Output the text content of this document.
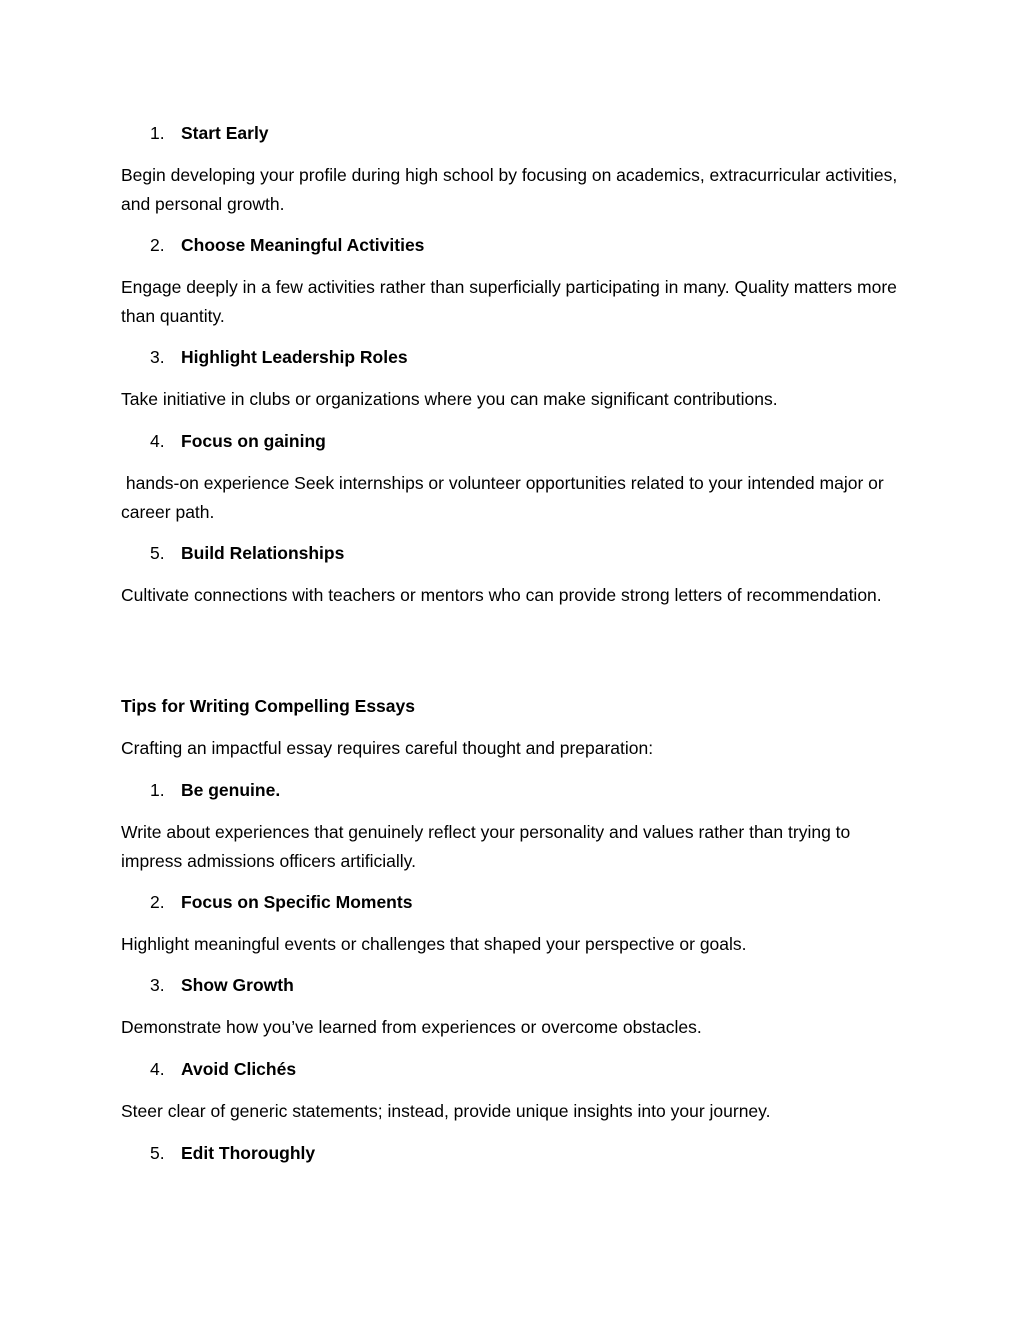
1. Start Early

Begin developing your profile during high school by focusing on academics, extracurricular activities, and personal growth.

2. Choose Meaningful Activities

Engage deeply in a few activities rather than superficially participating in many. Quality matters more than quantity.

3. Highlight Leadership Roles

Take initiative in clubs or organizations where you can make significant contributions.

4. Focus on gaining

hands-on experience Seek internships or volunteer opportunities related to your intended major or career path.

5. Build Relationships

Cultivate connections with teachers or mentors who can provide strong letters of recommendation.

Tips for Writing Compelling Essays

Crafting an impactful essay requires careful thought and preparation:

1. Be genuine.

Write about experiences that genuinely reflect your personality and values rather than trying to impress admissions officers artificially.

2. Focus on Specific Moments

Highlight meaningful events or challenges that shaped your perspective or goals.

3. Show Growth

Demonstrate how you’ve learned from experiences or overcome obstacles.

4. Avoid Clichés

Steer clear of generic statements; instead, provide unique insights into your journey.

5. Edit Thoroughly
